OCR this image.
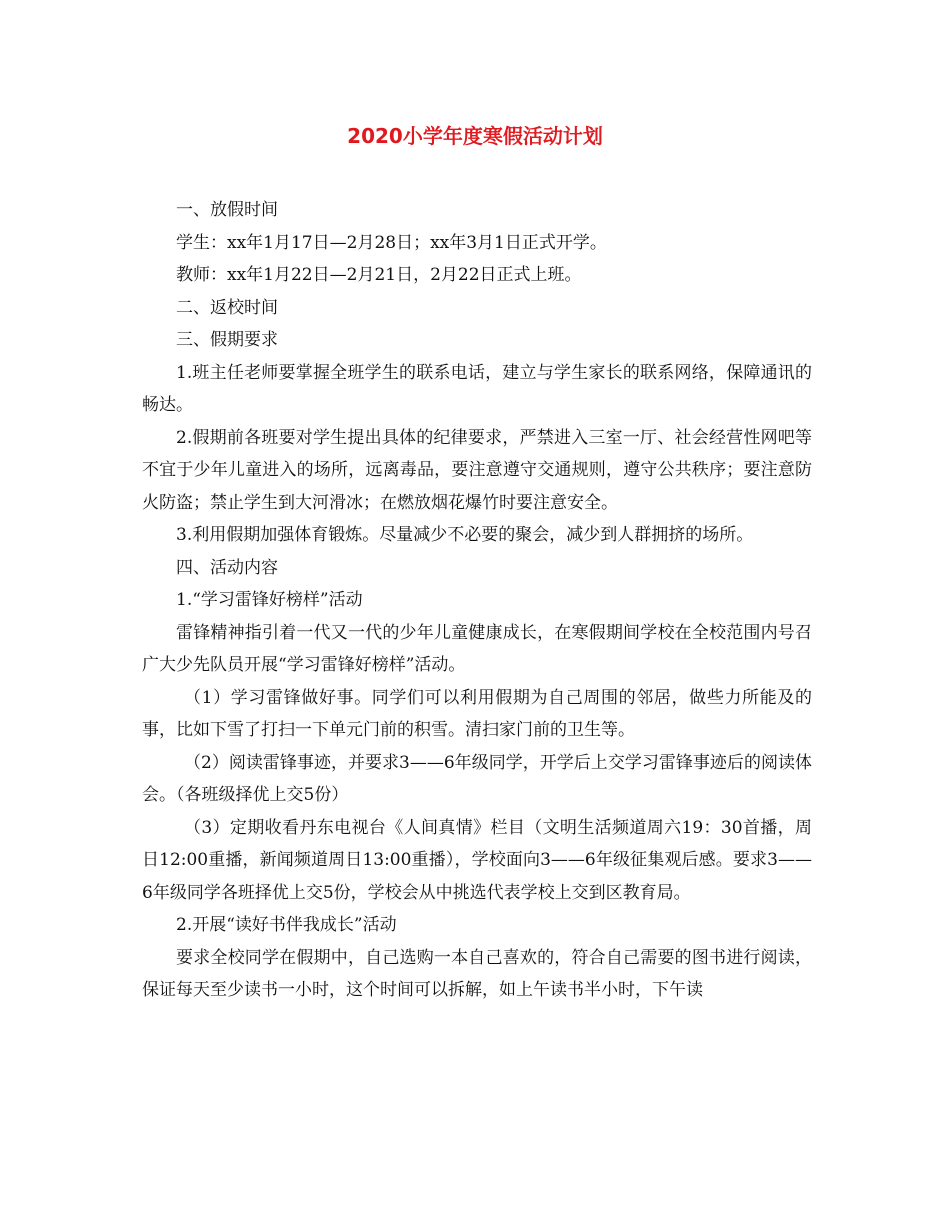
2020小学年度寒假活动计划

一、放假时间

学生：xx年1月17日—2月28日；xx年3月1日正式开学。

教师：xx年1月22日—2月21日，2月22日正式上班。

二、返校时间

三、假期要求

1.班主任老师要掌握全班学生的联系电话，建立与学生家长的联系网络，保障通讯的畅达。

2.假期前各班要对学生提出具体的纪律要求，严禁进入三室一厅、社会经营性网吧等不宜于少年儿童进入的场所，远离毒品，要注意遵守交通规则，遵守公共秩序；要注意防火防盗；禁止学生到大河滑冰；在燃放烟花爆竹时要注意安全。

3.利用假期加强体育锻炼。尽量减少不必要的聚会，减少到人群拥挤的场所。

四、活动内容

1.“学习雷锋好榜样”活动

雷锋精神指引着一代又一代的少年儿童健康成长，在寒假期间学校在全校范围内号召广大少先队员开展“学习雷锋好榜样”活动。

（1）学习雷锋做好事。同学们可以利用假期为自己周围的邻居，做些力所能及的事，比如下雪了打扫一下单元门前的积雪。清扫家门前的卫生等。

（2）阅读雷锋事迹，并要求3——6年级同学，开学后上交学习雷锋事迹后的阅读体会。（各班级择优上交5份）

（3）定期收看丹东电视台《人间真情》栏目（文明生活频道周六19：30首播，周日12:00重播，新闻频道周日13:00重播），学校面向3——6年级征集观后感。要求3——6年级同学各班择优上交5份，学校会从中挑选代表学校上交到区教育局。

2.开展“读好书伴我成长”活动

要求全校同学在假期中，自己选购一本自己喜欢的，符合自己需要的图书进行阅读，保证每天至少读书一小时，这个时间可以拆解，如上午读书半小时，下午读
